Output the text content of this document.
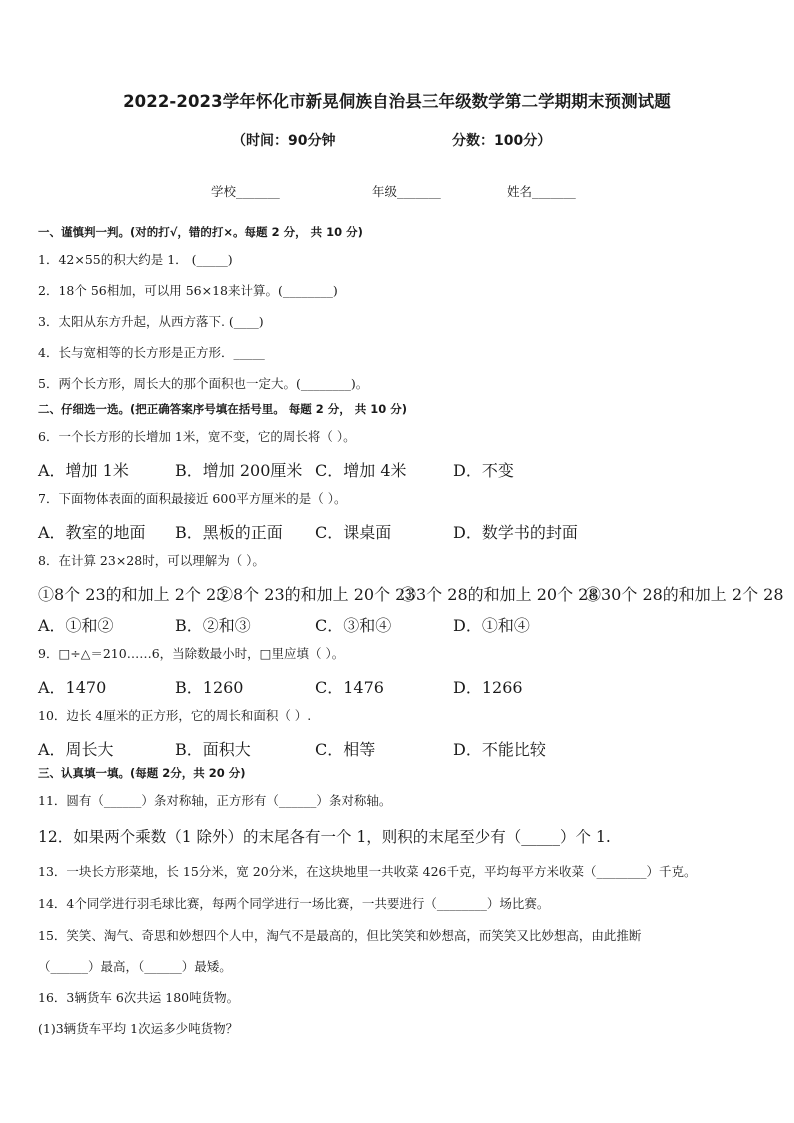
2022-2023学年怀化市新晃侗族自治县三年级数学第二学期期末预测试题
（时间：90分钟	分数：100分）
学校_______	年级_______	姓名_______
一、谨慎判一判。(对的打√，错的打×。每题 2 分， 共 10 分)
1．42×55的积大约是 1． (_____)
2．18个 56相加，可以用 56×18来计算。(________)
3．太阳从东方升起，从西方落下. (____)
4．长与宽相等的长方形是正方形．_____
5．两个长方形，周长大的那个面积也一定大。(________)。
二、仔细选一选。(把正确答案序号填在括号里。 每题 2 分， 共 10 分)
6．一个长方形的长增加 1米，宽不变，它的周长将（ ）。
A．增加 1米	B．增加 200厘米 C．增加 4米	D．不变
7．下面物体表面的面积最接近 600平方厘米的是（ ）。
A．教室的地面 B．黑板的正面 C．课桌面	D．数学书的封面
8．在计算 23×28时，可以理解为（ ）。
①8个 23的和加上 2个 23
②8个 23的和加上 20个 23
③3个 28的和加上 20个 28
④30个 28的和加上 2个 28
A．①和②	B．②和③	C．③和④	D．①和④
9．□÷△＝210……6，当除数最小时，□里应填（ ）。
A．1470	B．1260	C．1476	D．1266
10．边长 4厘米的正方形，它的周长和面积（ ）.
A．周长大	B．面积大	C．相等	D．不能比较
三、认真填一填。(每题 2分，共 20 分)
11．圆有（______）条对称轴，正方形有（______）条对称轴。
12．如果两个乘数（1 除外）的末尾各有一个 1，则积的末尾至少有（_____）个 1.
13．一块长方形菜地，长 15分米，宽 20分米，在这块地里一共收菜 426千克，平均每平方米收菜（________）千克。
14．4个同学进行羽毛球比赛，每两个同学进行一场比赛，一共要进行（________）场比赛。
15．笑笑、淘气、奇思和妙想四个人中，淘气不是最高的，但比笑笑和妙想高，而笑笑又比妙想高，由此推断
（______）最高，（______）最矮。
16．3辆货车 6次共运 180吨货物。
(1)3辆货车平均 1次运多少吨货物？
